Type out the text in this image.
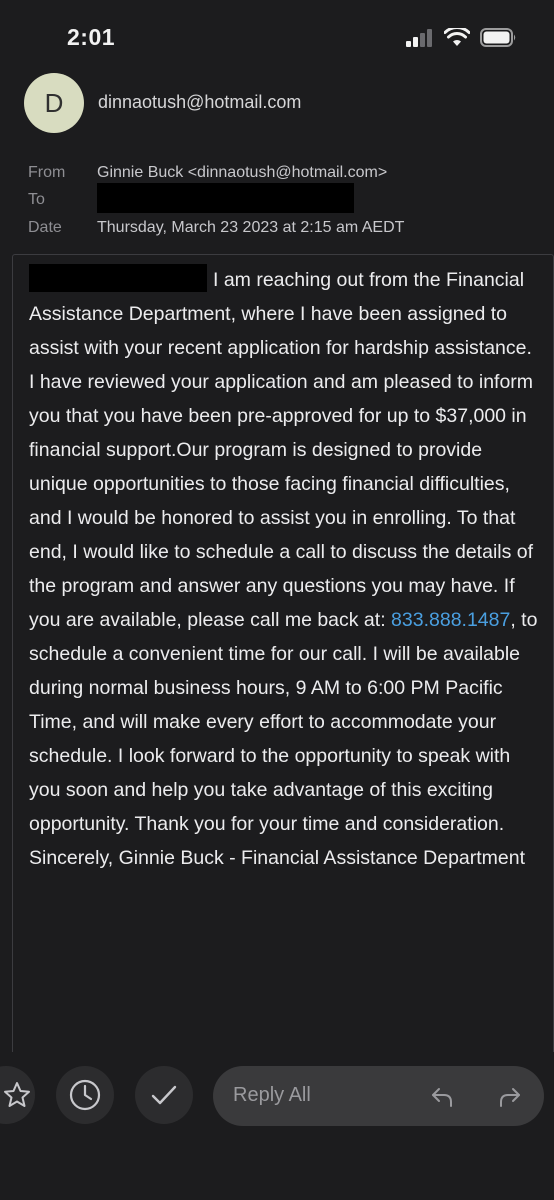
2:01
D	dinnaotush@hotmail.com
From	Ginnie Buck <dinnaotush@hotmail.com>
To
Date	Thursday, March 23 2023 at 2:15 am AEDT
I am reaching out from the Financial Assistance Department, where I have been assigned to assist with your recent application for hardship assistance. I have reviewed your application and am pleased to inform you that you have been pre-approved for up to $37,000 in financial support.Our program is designed to provide unique opportunities to those facing financial difficulties, and I would be honored to assist you in enrolling. To that end, I would like to schedule a call to discuss the details of the program and answer any questions you may have. If you are available, please call me back at: 833.888.1487, to schedule a convenient time for our call. I will be available during normal business hours, 9 AM to 6:00 PM Pacific Time, and will make every effort to accommodate your schedule. I look forward to the opportunity to speak with you soon and help you take advantage of this exciting opportunity. Thank you for your time and consideration. Sincerely, Ginnie Buck - Financial Assistance Department
Reply All
